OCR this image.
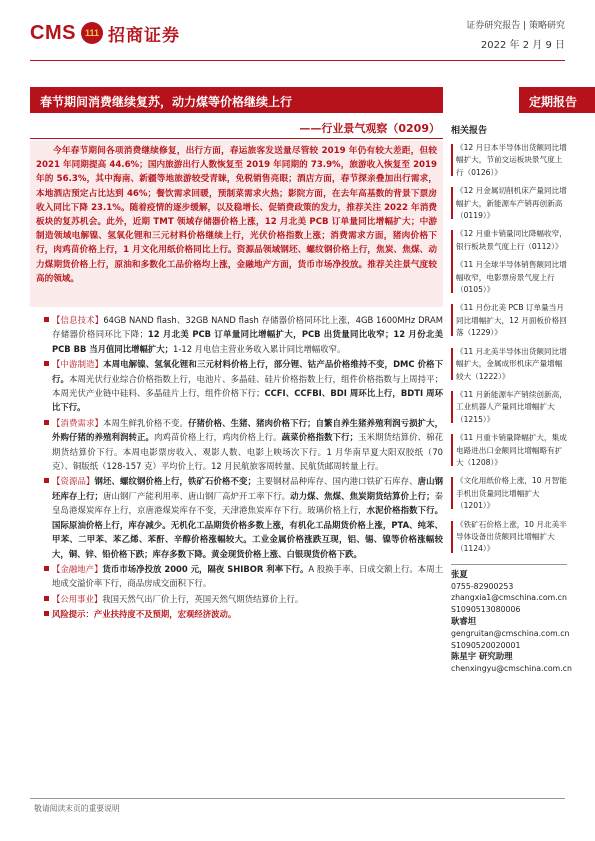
CMS 111 招商证券	证券研究报告 | 策略研究
2022 年 2 月 9 日
春节期间消费继续复苏，动力煤等价格继续上行	定期报告
——行业景气观察（0209）
今年春节期间各项消费继续修复，出行方面，春运旅客发送量尽管较 2019 年仍有较大差距，但较 2021 年同期提高 44.6%；国内旅游出行人数恢复至 2019 年同期的 73.9%，旅游收入恢复至 2019 年的 56.3%，其中海南、新疆等地旅游较受青睐，免税销售亮眼；酒店方面，春节探亲叠加出行需求，本地酒店预定占比达到 46%；餐饮需求回暖，预制菜需求火热；影院方面，在去年高基数的背景下票房收入同比下降 23.1%。随着疫情的逐步缓解，以及稳增长、促销费政策的发力，推荐关注 2022 年消费板块的复苏机会。此外，近期 TMT 领域存储器价格上涨，12 月北美 PCB 订单量同比增幅扩大；中游制造领域电解镍、氢氧化锂和三元材料价格继续上行，光伏价格指数上涨；消费需求方面，猪肉价格下行，肉鸡苗价格上行，1 月文化用纸价格同比上行。资源品领域钢坯、螺纹钢价格上行，焦炭、焦煤、动力煤期货价格上行，原油和多数化工品价格均上涨，金融地产方面，货币市场净投放。推荐关注景气度较高的领域。

【信息技术】64GB NAND flash、32GB NAND flash 存储器价格同环比上涨，4GB 1600MHz DRAM 存储器价格同环比下降；12 月北美 PCB 订单量同比增幅扩大，PCB 出货量同比收窄；12 月份北美 PCB BB 当月值同比增幅扩大；1-12 月电信主营业务收入累计同比增幅收窄。

【中游制造】本周电解镍、氢氧化锂和三元材料价格上行，部分锂、钴产品价格维持不变，DMC 价格下行。本周光伏行业综合价格指数上行，电池片、多晶硅、硅片价格指数上行，组件价格指数与上周持平；本周光伏产业链中硅料、多晶硅片上行，组件价格下行；CCFI、CCFBI、BDI 周环比上行，BDTI 周环比下行。

【消费需求】本周生鲜乳价格不变。仔猪价格、生猪、猪肉价格下行；自繁自养生猪养殖利润亏损扩大，外购仔猪的养殖利润转正。肉鸡苗价格上行，鸡肉价格上行。蔬菜价格指数下行；玉米期货结算价、棉花期货结算价下行。本周电影票房收入、观影人数、电影上映场次下行。1 月华南早夏大阳双胶纸（70 克）、铜版纸（128-157 克）平均价上行。12 月民航旅客周转量、民航货邮周转量上行。

【资源品】钢坯、螺纹钢价格上行，铁矿石价格不变；主要钢材品种库存、国内港口铁矿石库存、唐山钢坯库存上行；唐山钢厂产能利用率、唐山钢厂高炉开工率下行。动力煤、焦煤、焦炭期货结算价上行；秦皇岛港煤炭库存上行，京唐港煤炭库存不变，天津港焦炭库存下行。玻璃价格上行，水泥价格指数下行。国际原油价格上行，库存减少。无机化工品期货价格多数上涨，有机化工品期货价格上涨，PTA、纯苯、甲苯、二甲苯、苯乙烯、苯酐、辛醇价格涨幅较大。工业金属价格涨跌互现，铝、锡、镍等价格涨幅较大，铜、锌、铅价格下跌；库存多数下降。黄金现货价格上涨、白银现货价格下跌。

【金融地产】货币市场净投放 2000 元，隔夜 SHIBOR 利率下行。A 股换手率、日成交额上行。本周土地成交溢价率下行，商品房成交面积下行。

【公用事业】我国天然气出厂价上行，英国天然气期货结算价上行。

风险提示：产业扶持度不及预期，宏观经济波动。

相关报告
《12 月日本半导体出货额同比增幅扩大，节前交运板块景气度上行（0126）》
《12 月金属切削机床产量同比增幅扩大，新能源车产销再创新高（0119）》
《12 月重卡销量同比降幅收窄，银行板块景气度上行（0112）》
《11 月全球半导体销售额同比增幅收窄，电影票房景气度上行（0105）》
《11 月份北美 PCB 订单量当月同比增幅扩大，12 月面板价格回落（1229）》
《11 月北美半导体出货额同比增幅扩大，金属成形机床产量增幅较大（1222）》
《11 月新能源车产销续创新高，工业机器人产量同比增幅扩大（1215）》
《11 月重卡销量降幅扩大，集成电路进出口金额同比增幅略有扩大（1208）》
《文化用纸价格上涨，10 月智能手机出货量同比增幅扩大（1201）》
《铁矿石价格上涨，10 月北美半导体设备出货额同比增幅扩大（1124）》
张夏
0755-82900253
zhangxia1@cmschina.com.cn
S1090513080006
耿睿坦
gengruitan@cmschina.com.cn
S1090520020001
陈星宇 研究助理
chenxingyu@cmschina.com.cn
敬请阅读末页的重要说明
